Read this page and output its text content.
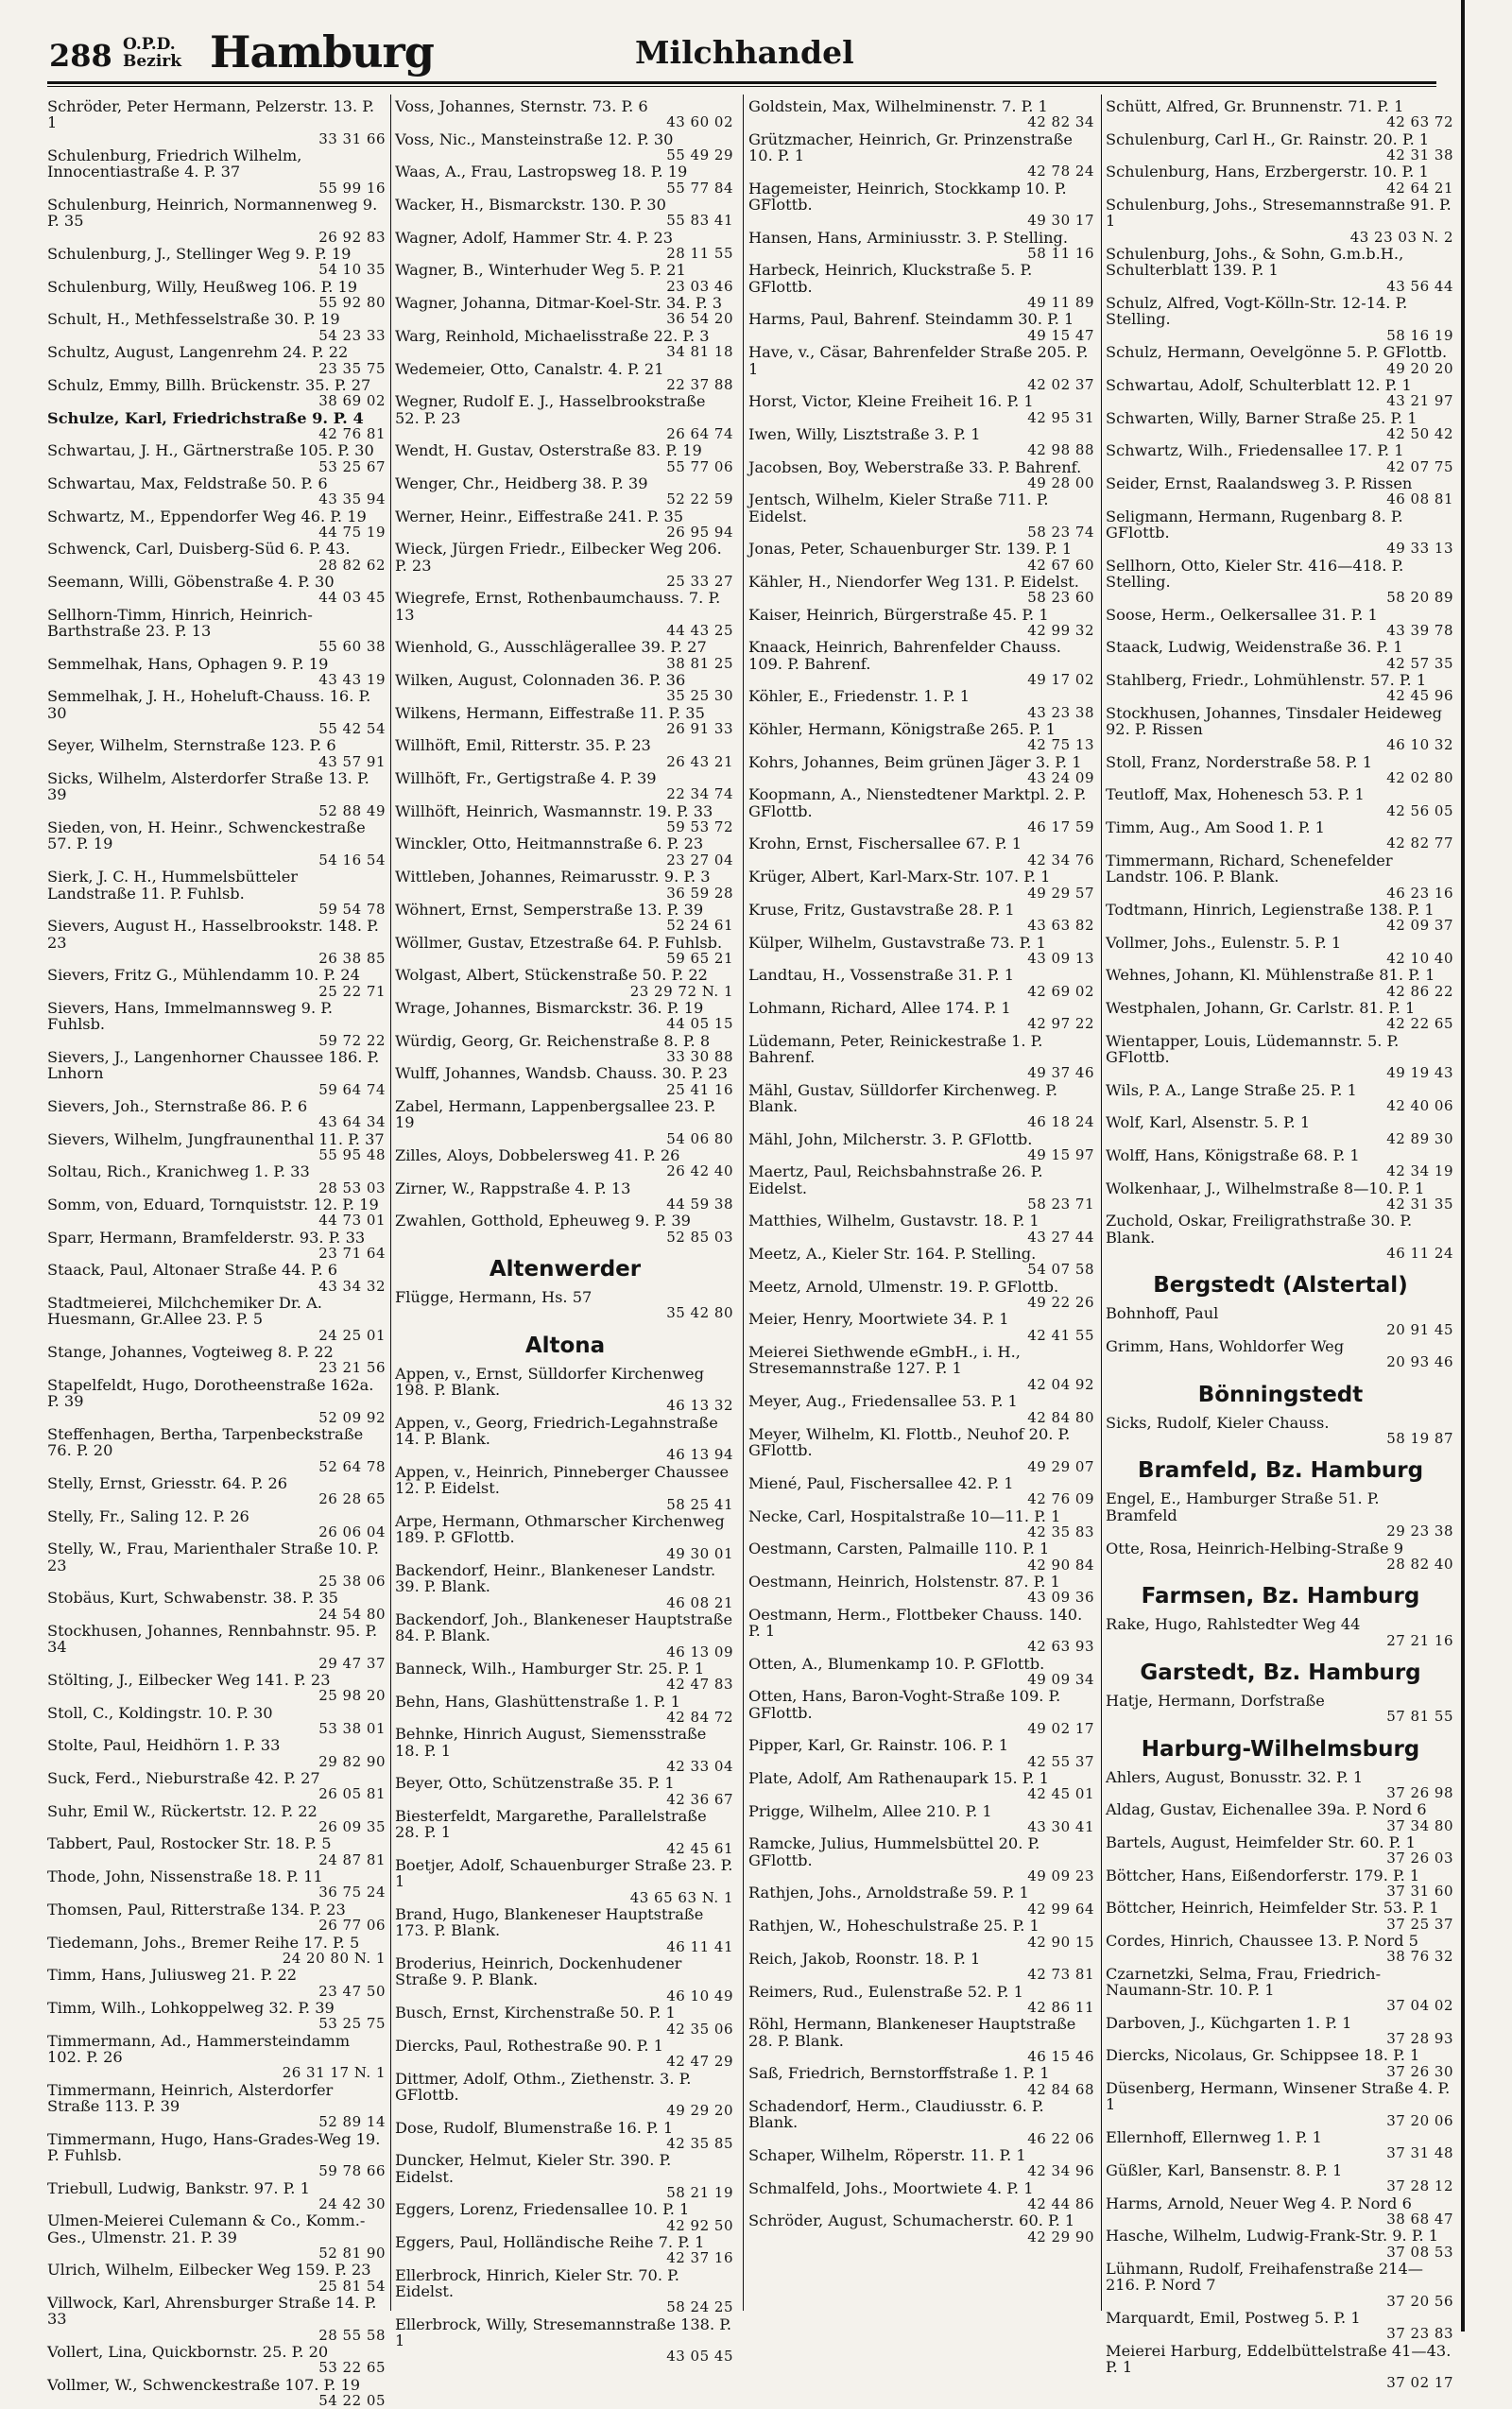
288 O.P.D.
Bezirk Hamburg	Milchhandel
Schröder, Peter Hermann, Pelzerstr. 13. P. 1
33 31 66
Schulenburg, Friedrich Wilhelm, Innocentiastraße 4. P. 37
55 99 16
Schulenburg, Heinrich, Normannenweg 9. P. 35
26 92 83
Schulenburg, J., Stellinger Weg 9. P. 19
54 10 35
Schulenburg, Willy, Heußweg 106. P. 19
55 92 80
Schult, H., Methfesselstraße 30. P. 19
54 23 33
Schultz, August, Langenrehm 24. P. 22
23 35 75
Schulz, Emmy, Billh. Brückenstr. 35. P. 27
38 69 02
Schulze, Karl, Friedrichstraße 9. P. 4
42 76 81
Schwartau, J. H., Gärtnerstraße 105. P. 30
53 25 67
Schwartau, Max, Feldstraße 50. P. 6
43 35 94
Schwartz, M., Eppendorfer Weg 46. P. 19
44 75 19
Schwenck, Carl, Duisberg-Süd 6. P. 43.
28 82 62
Seemann, Willi, Göbenstraße 4. P. 30
44 03 45
Sellhorn-Timm, Hinrich, Heinrich-Barthstraße 23. P. 13
55 60 38
Semmelhak, Hans, Ophagen 9. P. 19
43 43 19
Semmelhak, J. H., Hoheluft-Chauss. 16. P. 30
55 42 54
Seyer, Wilhelm, Sternstraße 123. P. 6
43 57 91
Sicks, Wilhelm, Alsterdorfer Straße 13. P. 39
52 88 49
Sieden, von, H. Heinr., Schwenckestraße 57. P. 19
54 16 54
Sierk, J. C. H., Hummelsbütteler Landstraße 11. P. Fuhlsb.
59 54 78
Sievers, August H., Hasselbrookstr. 148. P. 23
26 38 85
Sievers, Fritz G., Mühlendamm 10. P. 24
25 22 71
Sievers, Hans, Immelmannsweg 9. P. Fuhlsb.
59 72 22
Sievers, J., Langenhorner Chaussee 186. P. Lnhorn
59 64 74
Sievers, Joh., Sternstraße 86. P. 6
43 64 34
Sievers, Wilhelm, Jungfraunenthal 11. P. 37
55 95 48
Soltau, Rich., Kranichweg 1. P. 33
28 53 03
Somm, von, Eduard, Tornquiststr. 12. P. 19
44 73 01
Sparr, Hermann, Bramfelderstr. 93. P. 33
23 71 64
Staack, Paul, Altonaer Straße 44. P. 6
43 34 32
Stadtmeierei, Milchchemiker Dr. A. Huesmann, Gr.Allee 23. P. 5
24 25 01
Stange, Johannes, Vogteiweg 8. P. 22
23 21 56
Stapelfeldt, Hugo, Dorotheenstraße 162a. P. 39
52 09 92
Steffenhagen, Bertha, Tarpenbeckstraße 76. P. 20
52 64 78
Stelly, Ernst, Griesstr. 64. P. 26
26 28 65
Stelly, Fr., Saling 12. P. 26
26 06 04
Stelly, W., Frau, Marienthaler Straße 10. P. 23
25 38 06
Stobäus, Kurt, Schwabenstr. 38. P. 35
24 54 80
Stockhusen, Johannes, Rennbahnstr. 95. P. 34
29 47 37
Stölting, J., Eilbecker Weg 141. P. 23
25 98 20
Stoll, C., Koldingstr. 10. P. 30
53 38 01
Stolte, Paul, Heidhörn 1. P. 33
29 82 90
Suck, Ferd., Nieburstraße 42. P. 27
26 05 81
Suhr, Emil W., Rückertstr. 12. P. 22
26 09 35
Tabbert, Paul, Rostocker Str. 18. P. 5
24 87 81
Thode, John, Nissenstraße 18. P. 11
36 75 24
Thomsen, Paul, Ritterstraße 134. P. 23
26 77 06
Tiedemann, Johs., Bremer Reihe 17. P. 5
24 20 80 N. 1
Timm, Hans, Juliusweg 21. P. 22
23 47 50
Timm, Wilh., Lohkoppelweg 32. P. 39
53 25 75
Timmermann, Ad., Hammersteindamm 102. P. 26
26 31 17 N. 1
Timmermann, Heinrich, Alsterdorfer Straße 113. P. 39
52 89 14
Timmermann, Hugo, Hans-Grades-Weg 19. P. Fuhlsb.
59 78 66
Triebull, Ludwig, Bankstr. 97. P. 1
24 42 30
Ulmen-Meierei Culemann & Co., Komm.-Ges., Ulmenstr. 21. P. 39
52 81 90
Ulrich, Wilhelm, Eilbecker Weg 159. P. 23
25 81 54
Villwock, Karl, Ahrensburger Straße 14. P. 33
28 55 58
Vollert, Lina, Quickbornstr. 25. P. 20
53 22 65
Vollmer, W., Schwenckestraße 107. P. 19
54 22 05
Voss, Johannes, Sternstr. 73. P. 6
43 60 02
Voss, Nic., Mansteinstraße 12. P. 30
55 49 29
Waas, A., Frau, Lastropsweg 18. P. 19
55 77 84
Wacker, H., Bismarckstr. 130. P. 30
55 83 41
Wagner, Adolf, Hammer Str. 4. P. 23
28 11 55
Wagner, B., Winterhuder Weg 5. P. 21
23 03 46
Wagner, Johanna, Ditmar-Koel-Str. 34. P. 3
36 54 20
Warg, Reinhold, Michaelisstraße 22. P. 3
34 81 18
Wedemeier, Otto, Canalstr. 4. P. 21
22 37 88
Wegner, Rudolf E. J., Hasselbrookstraße 52. P. 23
26 64 74
Wendt, H. Gustav, Osterstraße 83. P. 19
55 77 06
Wenger, Chr., Heidberg 38. P. 39
52 22 59
Werner, Heinr., Eiffestraße 241. P. 35
26 95 94
Wieck, Jürgen Friedr., Eilbecker Weg 206. P. 23
25 33 27
Wiegrefe, Ernst, Rothenbaumchauss. 7. P. 13
44 43 25
Wienhold, G., Ausschlägerallee 39. P. 27
38 81 25
Wilken, August, Colonnaden 36. P. 36
35 25 30
Wilkens, Hermann, Eiffestraße 11. P. 35
26 91 33
Willhöft, Emil, Ritterstr. 35. P. 23
26 43 21
Willhöft, Fr., Gertigstraße 4. P. 39
22 34 74
Willhöft, Heinrich, Wasmannstr. 19. P. 33
59 53 72
Winckler, Otto, Heitmannstraße 6. P. 23
23 27 04
Wittleben, Johannes, Reimarusstr. 9. P. 3
36 59 28
Wöhnert, Ernst, Semperstraße 13. P. 39
52 24 61
Wöllmer, Gustav, Etzestraße 64. P. Fuhlsb.
59 65 21
Wolgast, Albert, Stückenstraße 50. P. 22
23 29 72 N. 1
Wrage, Johannes, Bismarckstr. 36. P. 19
44 05 15
Würdig, Georg, Gr. Reichenstraße 8. P. 8
33 30 88
Wulff, Johannes, Wandsb. Chauss. 30. P. 23
25 41 16
Zabel, Hermann, Lappenbergsallee 23. P. 19
54 06 80
Zilles, Aloys, Dobbelersweg 41. P. 26
26 42 40
Zirner, W., Rappstraße 4. P. 13
44 59 38
Zwahlen, Gotthold, Epheuweg 9. P. 39
52 85 03
Altenwerder
Flügge, Hermann, Hs. 57
35 42 80
Altona
Appen, v., Ernst, Sülldorfer Kirchenweg 198. P. Blank.
46 13 32
Appen, v., Georg, Friedrich-Legahnstraße 14. P. Blank.
46 13 94
Appen, v., Heinrich, Pinneberger Chaussee 12. P. Eidelst.
58 25 41
Arpe, Hermann, Othmarscher Kirchenweg 189. P. GFlottb.
49 30 01
Backendorf, Heinr., Blankeneser Landstr. 39. P. Blank.
46 08 21
Backendorf, Joh., Blankeneser Hauptstraße 84. P. Blank.
46 13 09
Banneck, Wilh., Hamburger Str. 25. P. 1
42 47 83
Behn, Hans, Glashüttenstraße 1. P. 1
42 84 72
Behnke, Hinrich August, Siemensstraße 18. P. 1
42 33 04
Beyer, Otto, Schützenstraße 35. P. 1
42 36 67
Biesterfeldt, Margarethe, Parallelstraße 28. P. 1
42 45 61
Boetjer, Adolf, Schauenburger Straße 23. P. 1
43 65 63 N. 1
Brand, Hugo, Blankeneser Hauptstraße 173. P. Blank.
46 11 41
Broderius, Heinrich, Dockenhudener Straße 9. P. Blank.
46 10 49
Busch, Ernst, Kirchenstraße 50. P. 1
42 35 06
Diercks, Paul, Rothestraße 90. P. 1
42 47 29
Dittmer, Adolf, Othm., Ziethenstr. 3. P. GFlottb.
49 29 20
Dose, Rudolf, Blumenstraße 16. P. 1
42 35 85
Duncker, Helmut, Kieler Str. 390. P. Eidelst.
58 21 19
Eggers, Lorenz, Friedensallee 10. P. 1
42 92 50
Eggers, Paul, Holländische Reihe 7. P. 1
42 37 16
Ellerbrock, Hinrich, Kieler Str. 70. P. Eidelst.
58 24 25
Ellerbrock, Willy, Stresemannstraße 138. P. 1
43 05 45
Goldstein, Max, Wilhelminenstr. 7. P. 1
42 82 34
Grützmacher, Heinrich, Gr. Prinzenstraße 10. P. 1
42 78 24
Hagemeister, Heinrich, Stockkamp 10. P. GFlottb.
49 30 17
Hansen, Hans, Arminiusstr. 3. P. Stelling.
58 11 16
Harbeck, Heinrich, Kluckstraße 5. P. GFlottb.
49 11 89
Harms, Paul, Bahrenf. Steindamm 30. P. 1
49 15 47
Have, v., Cäsar, Bahrenfelder Straße 205. P. 1
42 02 37
Horst, Victor, Kleine Freiheit 16. P. 1
42 95 31
Iwen, Willy, Lisztstraße 3. P. 1
42 98 88
Jacobsen, Boy, Weberstraße 33. P. Bahrenf.
49 28 00
Jentsch, Wilhelm, Kieler Straße 711. P. Eidelst.
58 23 74
Jonas, Peter, Schauenburger Str. 139. P. 1
42 67 60
Kähler, H., Niendorfer Weg 131. P. Eidelst.
58 23 60
Kaiser, Heinrich, Bürgerstraße 45. P. 1
42 99 32
Knaack, Heinrich, Bahrenfelder Chauss. 109. P. Bahrenf.
49 17 02
Köhler, E., Friedenstr. 1. P. 1
43 23 38
Köhler, Hermann, Königstraße 265. P. 1
42 75 13
Kohrs, Johannes, Beim grünen Jäger 3. P. 1
43 24 09
Koopmann, A., Nienstedtener Marktpl. 2. P. GFlottb.
46 17 59
Krohn, Ernst, Fischersallee 67. P. 1
42 34 76
Krüger, Albert, Karl-Marx-Str. 107. P. 1
49 29 57
Kruse, Fritz, Gustavstraße 28. P. 1
43 63 82
Külper, Wilhelm, Gustavstraße 73. P. 1
43 09 13
Landtau, H., Vossenstraße 31. P. 1
42 69 02
Lohmann, Richard, Allee 174. P. 1
42 97 22
Lüdemann, Peter, Reinickestraße 1. P. Bahrenf.
49 37 46
Mähl, Gustav, Sülldorfer Kirchenweg. P. Blank.
46 18 24
Mähl, John, Milcherstr. 3. P. GFlottb.
49 15 97
Maertz, Paul, Reichsbahnstraße 26. P. Eidelst.
58 23 71
Matthies, Wilhelm, Gustavstr. 18. P. 1
43 27 44
Meetz, A., Kieler Str. 164. P. Stelling.
54 07 58
Meetz, Arnold, Ulmenstr. 19. P. GFlottb.
49 22 26
Meier, Henry, Moortwiete 34. P. 1
42 41 55
Meierei Siethwende eGmbH., i. H., Stresemannstraße 127. P. 1
42 04 92
Meyer, Aug., Friedensallee 53. P. 1
42 84 80
Meyer, Wilhelm, Kl. Flottb., Neuhof 20. P. GFlottb.
49 29 07
Miené, Paul, Fischersallee 42. P. 1
42 76 09
Necke, Carl, Hospitalstraße 10—11. P. 1
42 35 83
Oestmann, Carsten, Palmaille 110. P. 1
42 90 84
Oestmann, Heinrich, Holstenstr. 87. P. 1
43 09 36
Oestmann, Herm., Flottbeker Chauss. 140. P. 1
42 63 93
Otten, A., Blumenkamp 10. P. GFlottb.
49 09 34
Otten, Hans, Baron-Voght-Straße 109. P. GFlottb.
49 02 17
Pipper, Karl, Gr. Rainstr. 106. P. 1
42 55 37
Plate, Adolf, Am Rathenaupark 15. P. 1
42 45 01
Prigge, Wilhelm, Allee 210. P. 1
43 30 41
Ramcke, Julius, Hummelsbüttel 20. P. GFlottb.
49 09 23
Rathjen, Johs., Arnoldstraße 59. P. 1
42 99 64
Rathjen, W., Hoheschulstraße 25. P. 1
42 90 15
Reich, Jakob, Roonstr. 18. P. 1
42 73 81
Reimers, Rud., Eulenstraße 52. P. 1
42 86 11
Röhl, Hermann, Blankeneser Hauptstraße 28. P. Blank.
46 15 46
Saß, Friedrich, Bernstorffstraße 1. P. 1
42 84 68
Schadendorf, Herm., Claudiusstr. 6. P. Blank.
46 22 06
Schaper, Wilhelm, Röperstr. 11. P. 1
42 34 96
Schmalfeld, Johs., Moortwiete 4. P. 1
42 44 86
Schröder, August, Schumacherstr. 60. P. 1
42 29 90
Schütt, Alfred, Gr. Brunnenstr. 71. P. 1
42 63 72
Schulenburg, Carl H., Gr. Rainstr. 20. P. 1
42 31 38
Schulenburg, Hans, Erzbergerstr. 10. P. 1
42 64 21
Schulenburg, Johs., Stresemannstraße 91. P. 1
43 23 03 N. 2
Schulenburg, Johs., & Sohn, G.m.b.H., Schulterblatt 139. P. 1
43 56 44
Schulz, Alfred, Vogt-Kölln-Str. 12-14. P. Stelling.
58 16 19
Schulz, Hermann, Oevelgönne 5. P. GFlottb.
49 20 20
Schwartau, Adolf, Schulterblatt 12. P. 1
43 21 97
Schwarten, Willy, Barner Straße 25. P. 1
42 50 42
Schwartz, Wilh., Friedensallee 17. P. 1
42 07 75
Seider, Ernst, Raalandsweg 3. P. Rissen
46 08 81
Seligmann, Hermann, Rugenbarg 8. P. GFlottb.
49 33 13
Sellhorn, Otto, Kieler Str. 416—418. P. Stelling.
58 20 89
Soose, Herm., Oelkersallee 31. P. 1
43 39 78
Staack, Ludwig, Weidenstraße 36. P. 1
42 57 35
Stahlberg, Friedr., Lohmühlenstr. 57. P. 1
42 45 96
Stockhusen, Johannes, Tinsdaler Heideweg 92. P. Rissen
46 10 32
Stoll, Franz, Norderstraße 58. P. 1
42 02 80
Teutloff, Max, Hohenesch 53. P. 1
42 56 05
Timm, Aug., Am Sood 1. P. 1
42 82 77
Timmermann, Richard, Schenefelder Landstr. 106. P. Blank.
46 23 16
Todtmann, Hinrich, Legienstraße 138. P. 1
42 09 37
Vollmer, Johs., Eulenstr. 5. P. 1
42 10 40
Wehnes, Johann, Kl. Mühlenstraße 81. P. 1
42 86 22
Westphalen, Johann, Gr. Carlstr. 81. P. 1
42 22 65
Wientapper, Louis, Lüdemannstr. 5. P. GFlottb.
49 19 43
Wils, P. A., Lange Straße 25. P. 1
42 40 06
Wolf, Karl, Alsenstr. 5. P. 1
42 89 30
Wolff, Hans, Königstraße 68. P. 1
42 34 19
Wolkenhaar, J., Wilhelmstraße 8—10. P. 1
42 31 35
Zuchold, Oskar, Freiligrathstraße 30. P. Blank.
46 11 24
Bergstedt (Alstertal)
Bohnhoff, Paul
20 91 45
Grimm, Hans, Wohldorfer Weg
20 93 46
Bönningstedt
Sicks, Rudolf, Kieler Chauss.
58 19 87
Bramfeld, Bz. Hamburg
Engel, E., Hamburger Straße 51. P. Bramfeld
29 23 38
Otte, Rosa, Heinrich-Helbing-Straße 9
28 82 40
Farmsen, Bz. Hamburg
Rake, Hugo, Rahlstedter Weg 44
27 21 16
Garstedt, Bz. Hamburg
Hatje, Hermann, Dorfstraße
57 81 55
Harburg-Wilhelmsburg
Ahlers, August, Bonusstr. 32. P. 1
37 26 98
Aldag, Gustav, Eichenallee 39a. P. Nord 6
37 34 80
Bartels, August, Heimfelder Str. 60. P. 1
37 26 03
Böttcher, Hans, Eißendorferstr. 179. P. 1
37 31 60
Böttcher, Heinrich, Heimfelder Str. 53. P. 1
37 25 37
Cordes, Hinrich, Chaussee 13. P. Nord 5
38 76 32
Czarnetzki, Selma, Frau, Friedrich-Naumann-Str. 10. P. 1
37 04 02
Darboven, J., Küchgarten 1. P. 1
37 28 93
Diercks, Nicolaus, Gr. Schippsee 18. P. 1
37 26 30
Düsenberg, Hermann, Winsener Straße 4. P. 1
37 20 06
Ellernhoff, Ellernweg 1. P. 1
37 31 48
Güßler, Karl, Bansenstr. 8. P. 1
37 28 12
Harms, Arnold, Neuer Weg 4. P. Nord 6
38 68 47
Hasche, Wilhelm, Ludwig-Frank-Str. 9. P. 1
37 08 53
Lühmann, Rudolf, Freihafenstraße 214—216. P. Nord 7
37 20 56
Marquardt, Emil, Postweg 5. P. 1
37 23 83
Meierei Harburg, Eddelbüttelstraße 41—43. P. 1
37 02 17
